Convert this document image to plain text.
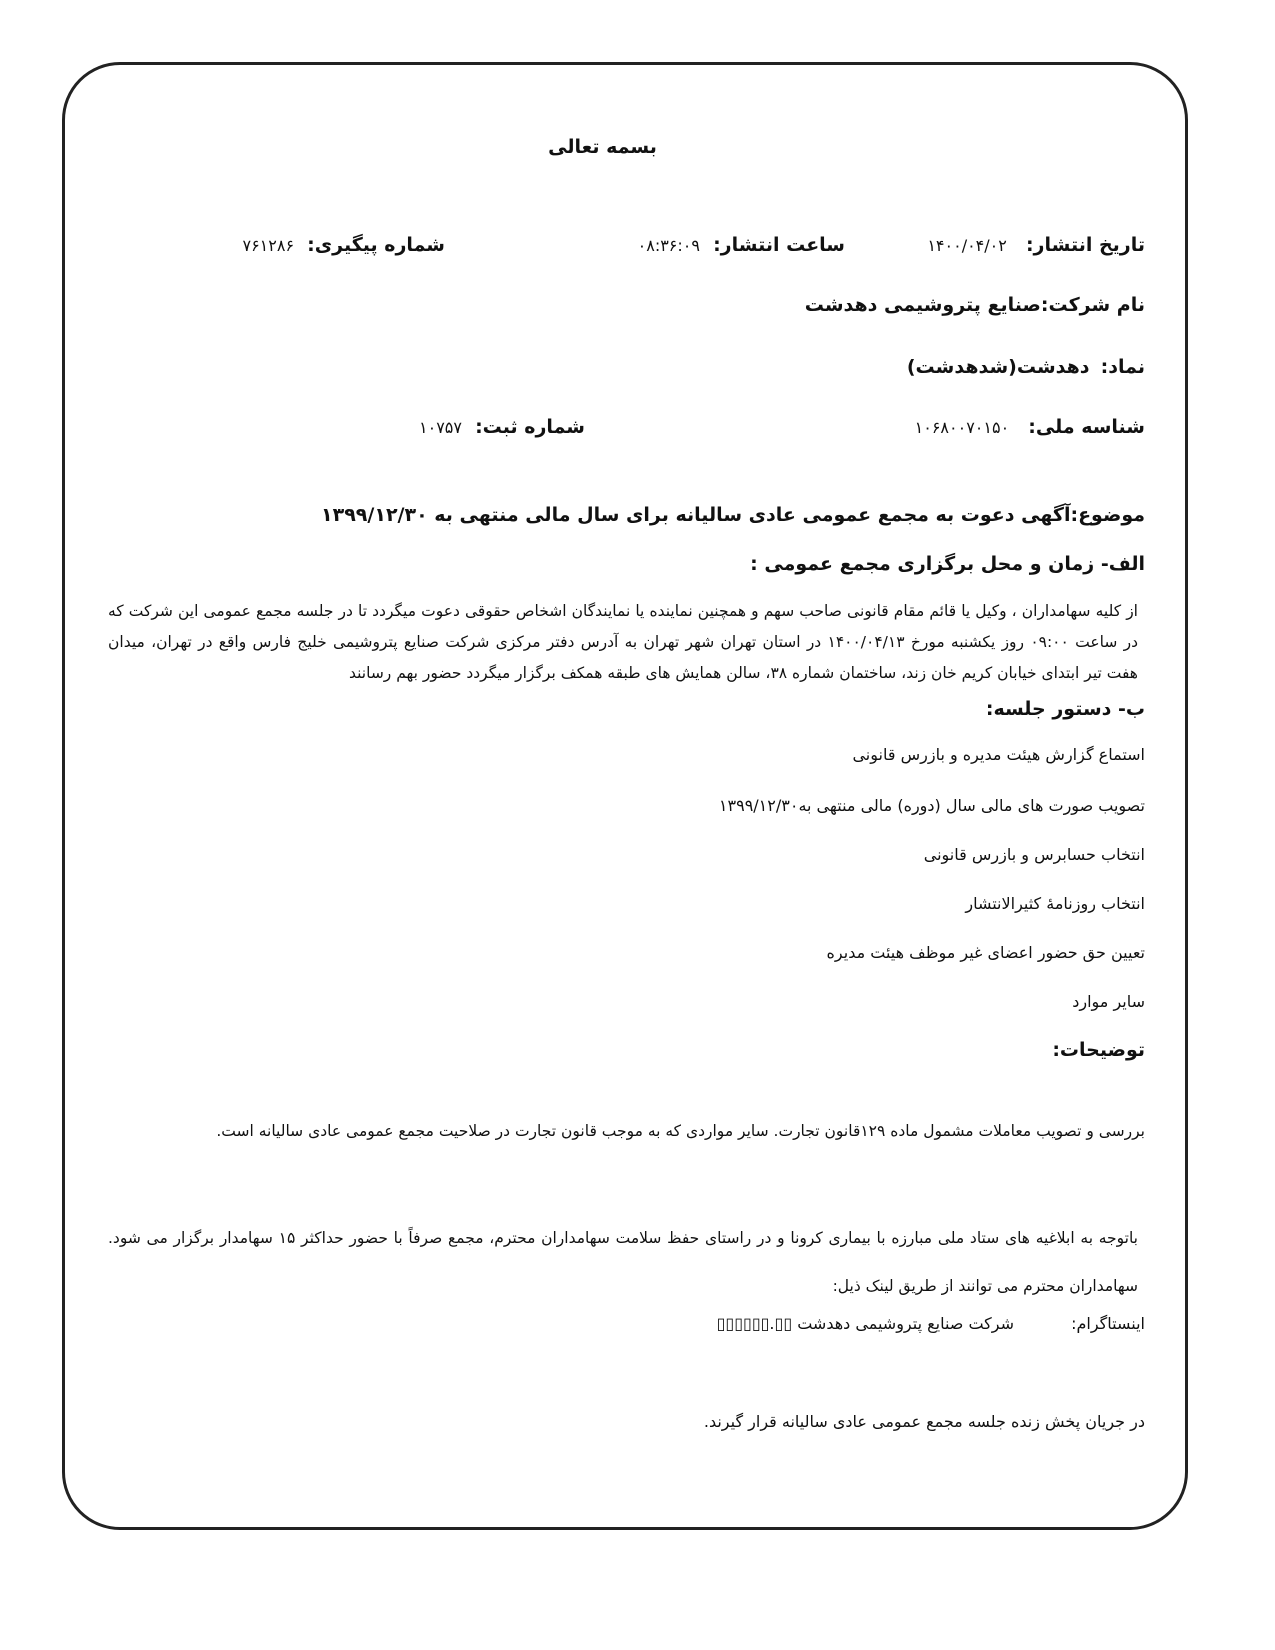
بسمه تعالی
تاریخ انتشار: ۱۴۰۰/۰۴/۰۲
ساعت انتشار: ۰۸:۳۶:۰۹
شماره پیگیری: ۷۶۱۲۸۶
نام شرکت:صنایع پتروشیمی دهدشت
نماد: دهدشت(شدهدشت)
شناسه ملی: ۱۰۶۸۰۰۷۰۱۵۰
شماره ثبت: ۱۰۷۵۷
موضوع:آگهی دعوت به مجمع عمومی عادی سالیانه برای سال مالی منتهی به ۱۳۹۹/۱۲/۳۰
الف- زمان و محل برگزاری مجمع عمومی :
از کلیه سهامداران ، وکیل یا قائم مقام قانونی صاحب سهم و همچنین نماینده یا نمایندگان اشخاص حقوقی دعوت میگردد تا در جلسه مجمع عمومی این شرکت که در ساعت ۰۹:۰۰ روز یکشنبه مورخ ۱۴۰۰/۰۴/۱۳ در استان تهران شهر تهران به آدرس دفتر مرکزی شرکت صنایع پتروشیمی خلیج فارس واقع در تهران، میدان هفت تیر ابتدای خیابان کریم خان زند، ساختمان شماره ۳۸، سالن همایش های طبقه همکف برگزار میگردد حضور بهم رسانند
ب- دستور جلسه:
استماع گزارش هیئت مدیره و بازرس قانونی
تصویب صورت های مالی سال (دوره) مالی منتهی به۱۳۹۹/۱۲/۳۰
انتخاب حسابرس و بازرس قانونی
انتخاب روزنامهٔ کثیرالانتشار
تعیین حق حضور اعضای غیر موظف هیئت مدیره
سایر موارد
توضیحات:
بررسی و تصویب معاملات مشمول ماده ۱۲۹قانون تجارت. سایر مواردی که به موجب قانون تجارت در صلاحیت مجمع عمومی عادی سالیانه است.
باتوجه به ابلاغیه های ستاد ملی مبارزه با بیماری کرونا و در راستای حفظ سلامت سهامداران محترم، مجمع صرفاً با حضور حداکثر ۱۵ سهامدار برگزار می شود. سهامداران محترم می توانند از طریق لینک ذیل:
اینستاگرام: شرکت صنایع پتروشیمی دهدشت ▯▯.▯▯▯▯▯▯
در جریان پخش زنده جلسه مجمع عمومی عادی سالیانه قرار گیرند.
